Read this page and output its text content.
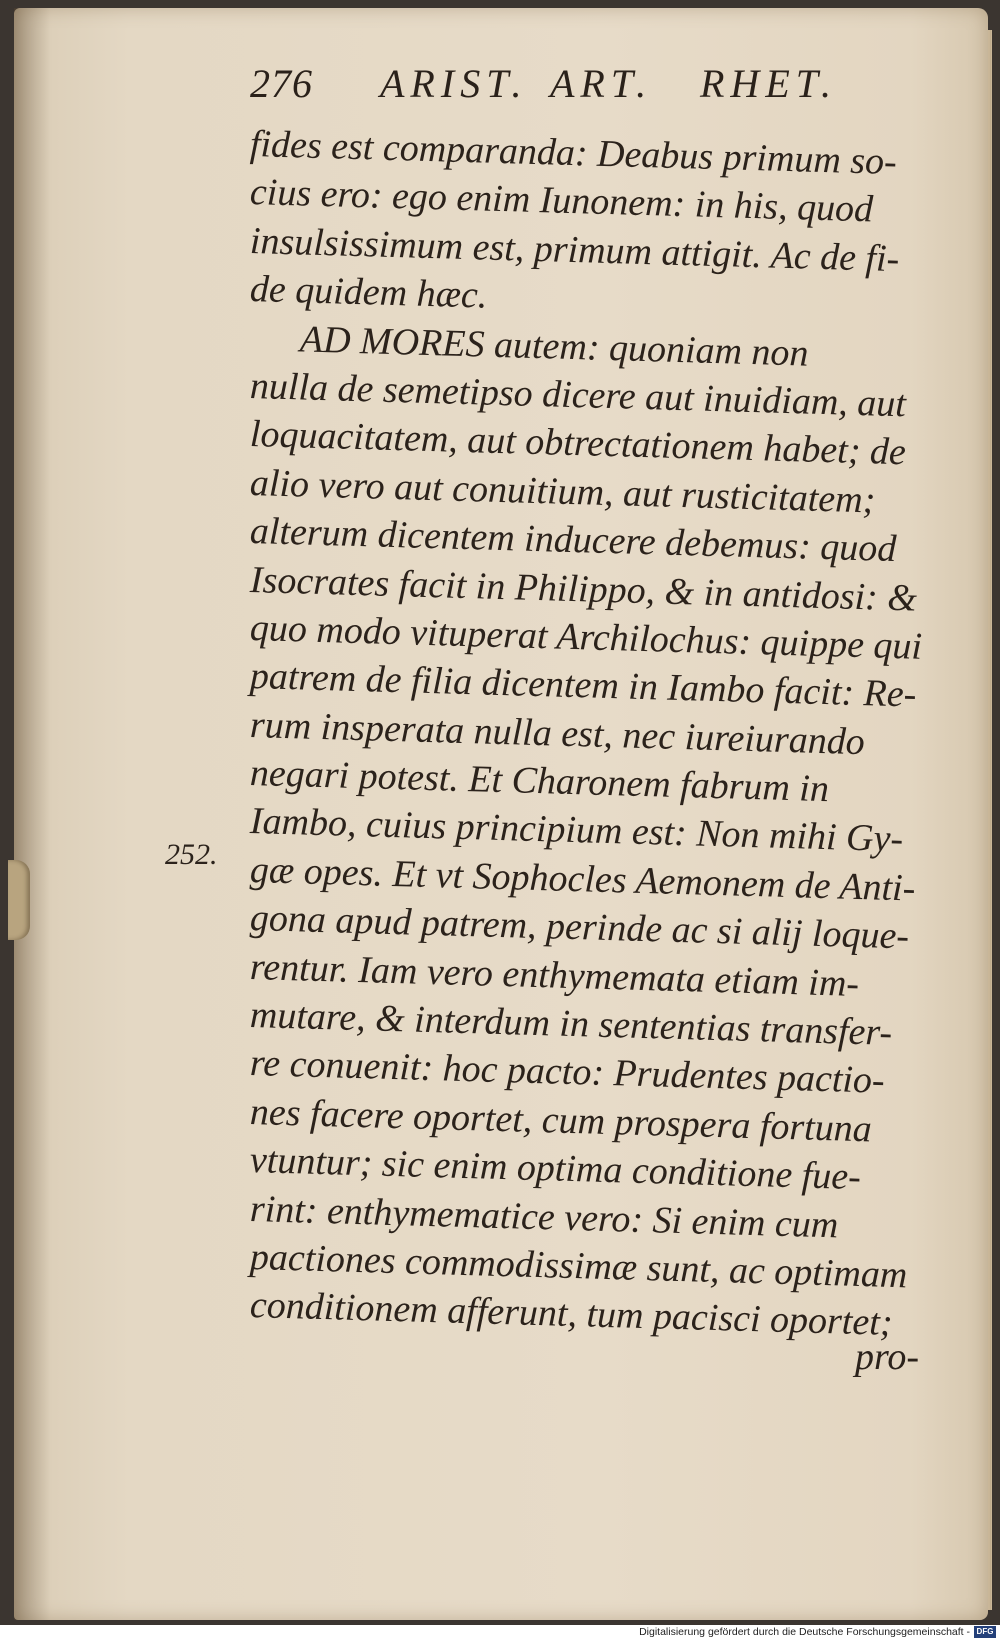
276 ARIST. ART. RHET.
252.
fides est comparanda: Deabus primum so-
cius ero: ego enim Iunonem: in his, quod
insulsissimum est, primum attigit. Ac de fi-
de quidem hæc.
AD MORES autem: quoniam non
nulla de semetipso dicere aut inuidiam, aut
loquacitatem, aut obtrectationem habet; de
alio vero aut conuitium, aut rusticitatem;
alterum dicentem inducere debemus: quod
Isocrates facit in Philippo, & in antidosi: &
quo modo vituperat Archilochus: quippe qui
patrem de filia dicentem in Iambo facit: Re-
rum insperata nulla est, nec iureiurando
negari potest. Et Charonem fabrum in
Iambo, cuius principium est: Non mihi Gy-
gæ opes. Et vt Sophocles Aemonem de Anti-
gona apud patrem, perinde ac si alij loque-
rentur. Iam vero enthymemata etiam im-
mutare, & interdum in sententias transfer-
re conuenit: hoc pacto: Prudentes pactio-
nes facere oportet, cum prospera fortuna
vtuntur; sic enim optima conditione fue-
rint: enthymematice vero: Si enim cum
pactiones commodissimæ sunt, ac optimam
conditionem afferunt, tum pacisci oportet;
pro-
Digitalisierung gefördert durch die Deutsche Forschungsgemeinschaft - DFG
